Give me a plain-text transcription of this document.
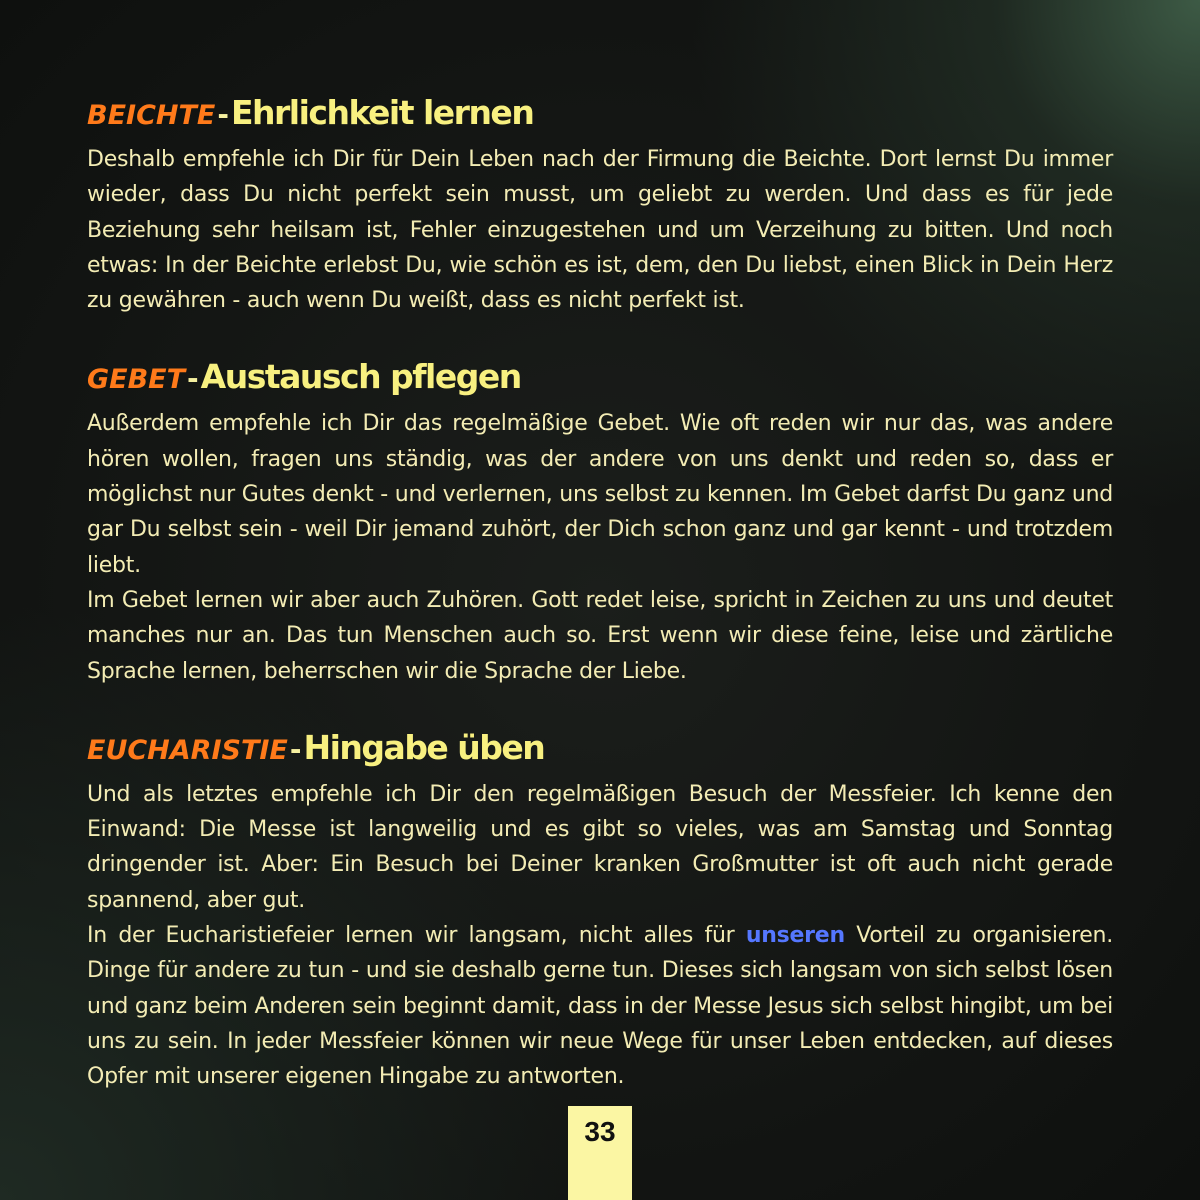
BEICHTE-Ehrlichkeit lernen

Deshalb empfehle ich Dir für Dein Leben nach der Firmung die Beichte. Dort lernst Du immer wieder, dass Du nicht perfekt sein musst, um geliebt zu werden. Und dass es für jede Beziehung sehr heilsam ist, Fehler einzugestehen und um Verzeihung zu bitten. Und noch etwas: In der Beichte erlebst Du, wie schön es ist, dem, den Du liebst, einen Blick in Dein Herz zu gewähren - auch wenn Du weißt, dass es nicht perfekt ist.

GEBET-Austausch pflegen

Außerdem empfehle ich Dir das regelmäßige Gebet. Wie oft reden wir nur das, was andere hören wollen, fragen uns ständig, was der andere von uns denkt und reden so, dass er möglichst nur Gutes denkt - und verlernen, uns selbst zu kennen. Im Gebet darfst Du ganz und gar Du selbst sein - weil Dir jemand zuhört, der Dich schon ganz und gar kennt - und trotzdem liebt.

Im Gebet lernen wir aber auch Zuhören. Gott redet leise, spricht in Zeichen zu uns und deutet manches nur an. Das tun Menschen auch so. Erst wenn wir diese feine, leise und zärtliche Sprache lernen, beherrschen wir die Sprache der Liebe.

EUCHARISTIE-Hingabe üben

Und als letztes empfehle ich Dir den regelmäßigen Besuch der Messfeier. Ich kenne den Einwand: Die Messe ist langweilig und es gibt so vieles, was am Samstag und Sonntag dringender ist. Aber: Ein Besuch bei Deiner kranken Großmutter ist oft auch nicht gerade spannend, aber gut.

In der Eucharistiefeier lernen wir langsam, nicht alles für unseren Vorteil zu organisieren. Dinge für andere zu tun - und sie deshalb gerne tun. Dieses sich langsam von sich selbst lösen und ganz beim Anderen sein beginnt damit, dass in der Messe Jesus sich selbst hingibt, um bei uns zu sein. In jeder Messfeier können wir neue Wege für unser Leben entdecken, auf dieses Opfer mit unserer eigenen Hingabe zu antworten.

33
